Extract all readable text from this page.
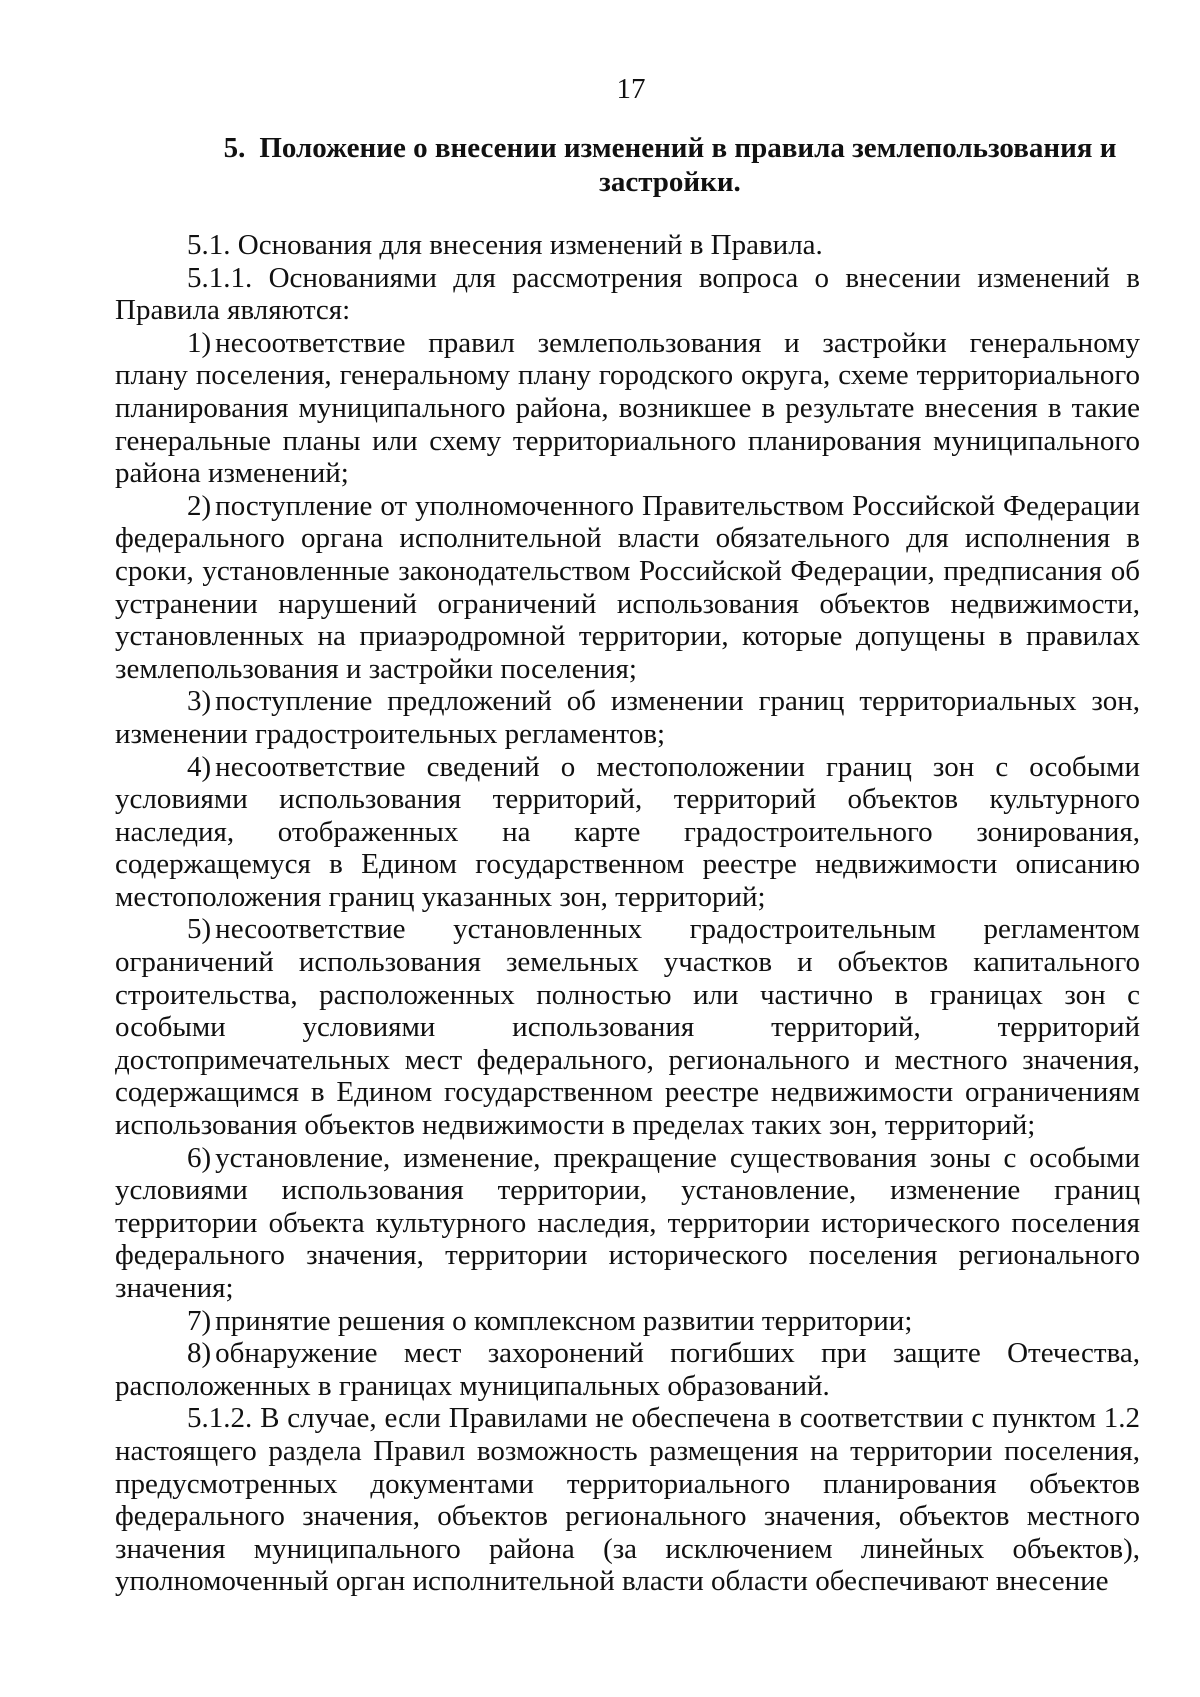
17
5. Положение о внесении изменений в правила землепользования и застройки.

5.1. Основания для внесения изменений в Правила.

5.1.1. Основаниями для рассмотрения вопроса о внесении изменений в Правила являются:

1) несоответствие правил землепользования и застройки генеральному плану поселения, генеральному плану городского округа, схеме территориального планирования муниципального района, возникшее в результате внесения в такие генеральные планы или схему территориального планирования муниципального района изменений;

2) поступление от уполномоченного Правительством Российской Федерации федерального органа исполнительной власти обязательного для исполнения в сроки, установленные законодательством Российской Федерации, предписания об устранении нарушений ограничений использования объектов недвижимости, установленных на приаэродромной территории, которые допущены в правилах землепользования и застройки поселения;

3) поступление предложений об изменении границ территориальных зон, изменении градостроительных регламентов;

4) несоответствие сведений о местоположении границ зон с особыми условиями использования территорий, территорий объектов культурного наследия, отображенных на карте градостроительного зонирования, содержащемуся в Едином государственном реестре недвижимости описанию местоположения границ указанных зон, территорий;

5) несоответствие установленных градостроительным регламентом ограничений использования земельных участков и объектов капитального строительства, расположенных полностью или частично в границах зон с особыми условиями использования территорий, территорий достопримечательных мест федерального, регионального и местного значения, содержащимся в Едином государственном реестре недвижимости ограничениям использования объектов недвижимости в пределах таких зон, территорий;

6) установление, изменение, прекращение существования зоны с особыми условиями использования территории, установление, изменение границ территории объекта культурного наследия, территории исторического поселения федерального значения, территории исторического поселения регионального значения;

7) принятие решения о комплексном развитии территории;

8) обнаружение мест захоронений погибших при защите Отечества, расположенных в границах муниципальных образований.

5.1.2. В случае, если Правилами не обеспечена в соответствии с пунктом 1.2 настоящего раздела Правил возможность размещения на территории поселения, предусмотренных документами территориального планирования объектов федерального значения, объектов регионального значения, объектов местного значения муниципального района (за исключением линейных объектов), уполномоченный орган исполнительной власти области обеспечивают внесение
